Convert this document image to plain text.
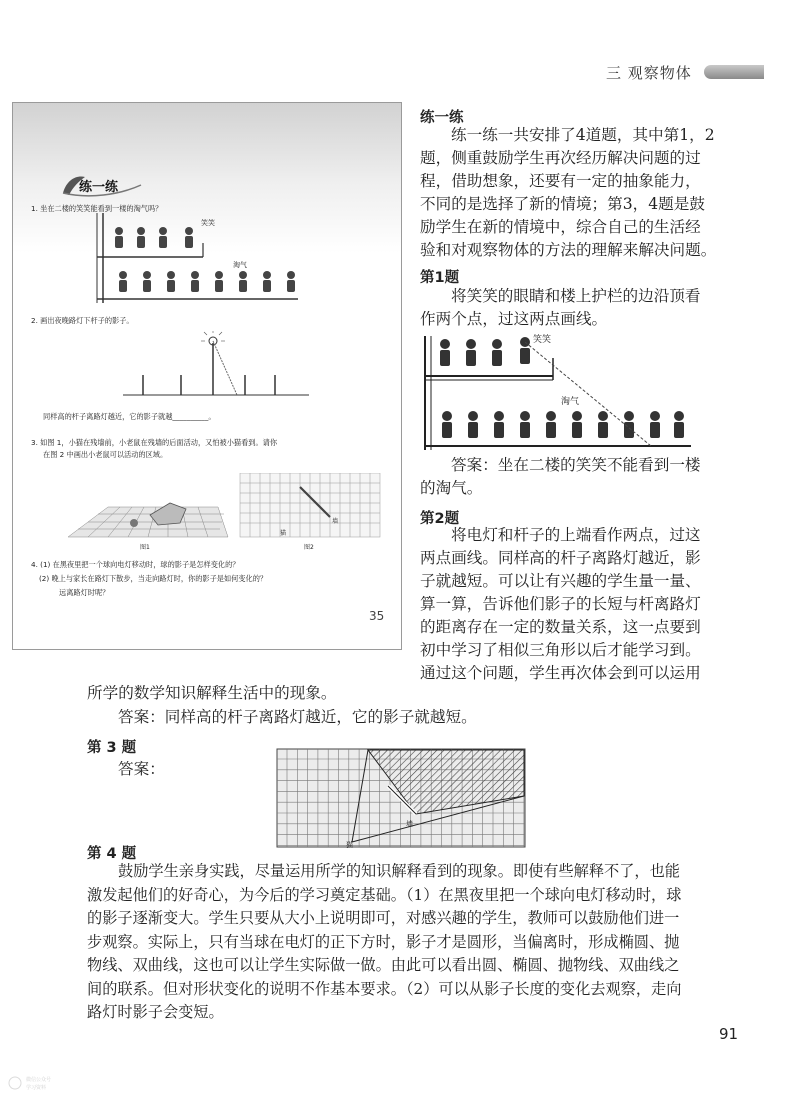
三 观察物体
练一练
1. 坐在二楼的笑笑能看到一楼的淘气吗？
笑笑
淘气
2. 画出夜晚路灯下杆子的影子。
同样高的杆子离路灯越近，它的影子就越__________。
3. 如图 1，小猫在残墙前，小老鼠在残墙的后面活动，又怕被小猫看到。请你
在图 2 中画出小老鼠可以活动的区域。
图1
墙
猫
图2
4. (1) 在黑夜里把一个球向电灯移动时，球的影子是怎样变化的？
(2) 晚上与家长在路灯下散步，当走向路灯时，你的影子是如何变化的？
远离路灯时呢？
35
练一练

练一练一共安排了4道题，其中第1，2

题，侧重鼓励学生再次经历解决问题的过

程，借助想象，还要有一定的抽象能力，

不同的是选择了新的情境；第3，4题是鼓

励学生在新的情境中，综合自己的生活经

验和对观察物体的方法的理解来解决问题。

第1题

将笑笑的眼睛和楼上护栏的边沿顶看

作两个点，过这两点画线。

笑笑
淘气

答案：坐在二楼的笑笑不能看到一楼

的淘气。

第2题

将电灯和杆子的上端看作两点，过这

两点画线。同样高的杆子离路灯越近，影

子就越短。可以让有兴趣的学生量一量、

算一算，告诉他们影子的长短与杆离路灯

的距离存在一定的数量关系，这一点要到

初中学习了相似三角形以后才能学习到。

通过这个问题，学生再次体会到可以运用

所学的数学知识解释生活中的现象。
答案：同样高的杆子离路灯越近，它的影子就越短。
第 3 题
答案：
猫
墙
第 4 题

鼓励学生亲身实践，尽量运用所学的知识解释看到的现象。即使有些解释不了，也能

激发起他们的好奇心，为今后的学习奠定基础。（1）在黑夜里把一个球向电灯移动时，球

的影子逐渐变大。学生只要从大小上说明即可，对感兴趣的学生，教师可以鼓励他们进一

步观察。实际上，只有当球在电灯的正下方时，影子才是圆形，当偏离时，形成椭圆、抛

物线、双曲线，这也可以让学生实际做一做。由此可以看出圆、椭圆、抛物线、双曲线之

间的联系。但对形状变化的说明不作基本要求。（2）可以从影子长度的变化去观察，走向

路灯时影子会变短。

91
微信公众号
学习资料
